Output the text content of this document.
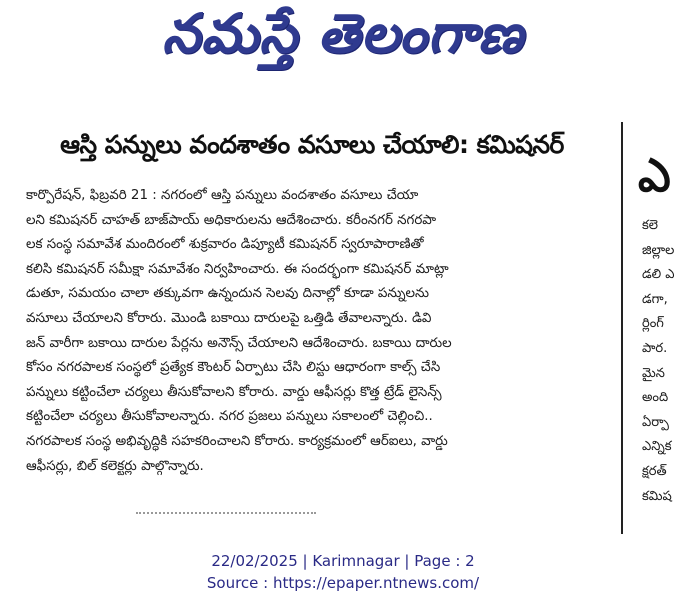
నమస్తే తెలంగాణ
ఆస్తి పన్నులు వందశాతం వసూలు చేయాలి: కమిషనర్
కార్పొరేషన్, ఫిబ్రవరి 21 : నగరంలో ఆస్తి పన్నులు వందశాతం వసూలు చేయా
లని కమిషనర్ చాహత్ బాజ్‌పాయ్ అధికారులను ఆదేశించారు. కరీంనగర్ నగరపా
లక సంస్థ సమావేశ మందిరంలో శుక్రవారం డిప్యూటీ కమిషనర్ స్వరూపారాణితో
కలిసి కమిషనర్ సమీక్షా సమావేశం నిర్వహించారు. ఈ సందర్భంగా కమిషనర్ మాట్లా
డుతూ, సమయం చాలా తక్కువగా ఉన్నందున సెలవు దినాల్లో కూడా పన్నులను
వసూలు చేయాలని కోరారు. మొండి బకాయి దారులపై ఒత్తిడి తేవాలన్నారు. డివి
జన్ వారీగా బకాయి దారుల పేర్లను అనౌన్స్ చేయాలని ఆదేశించారు. బకాయి దారుల
కోసం నగరపాలక సంస్థలో ప్రత్యేక కౌంటర్ ఏర్పాటు చేసి లిస్టు ఆధారంగా కాల్స్ చేసి
పన్నులు కట్టించేలా చర్యలు తీసుకోవాలని కోరారు. వార్డు ఆఫీసర్లు కొత్త ట్రేడ్ లైసెన్స్
కట్టించేలా చర్యలు తీసుకోవాలన్నారు. నగర ప్రజలు పన్నులు సకాలంలో చెల్లించి..
నగరపాలక సంస్థ అభివృద్ధికి సహకరించాలని కోరారు. కార్యక్రమంలో ఆర్‌ఐలు, వార్డు
ఆఫీసర్లు, బిల్ కలెక్టర్లు పాల్గొన్నారు.
ఎ
కలె
జిల్లాల
డలి ఎ
డగా,
ర్లింగ్
పార.
మైన
అంది
ఏర్పా
ఎన్నిక
క్షరత్
కమిష
22/02/2025 | Karimnagar | Page : 2
Source : https://epaper.ntnews.com/
